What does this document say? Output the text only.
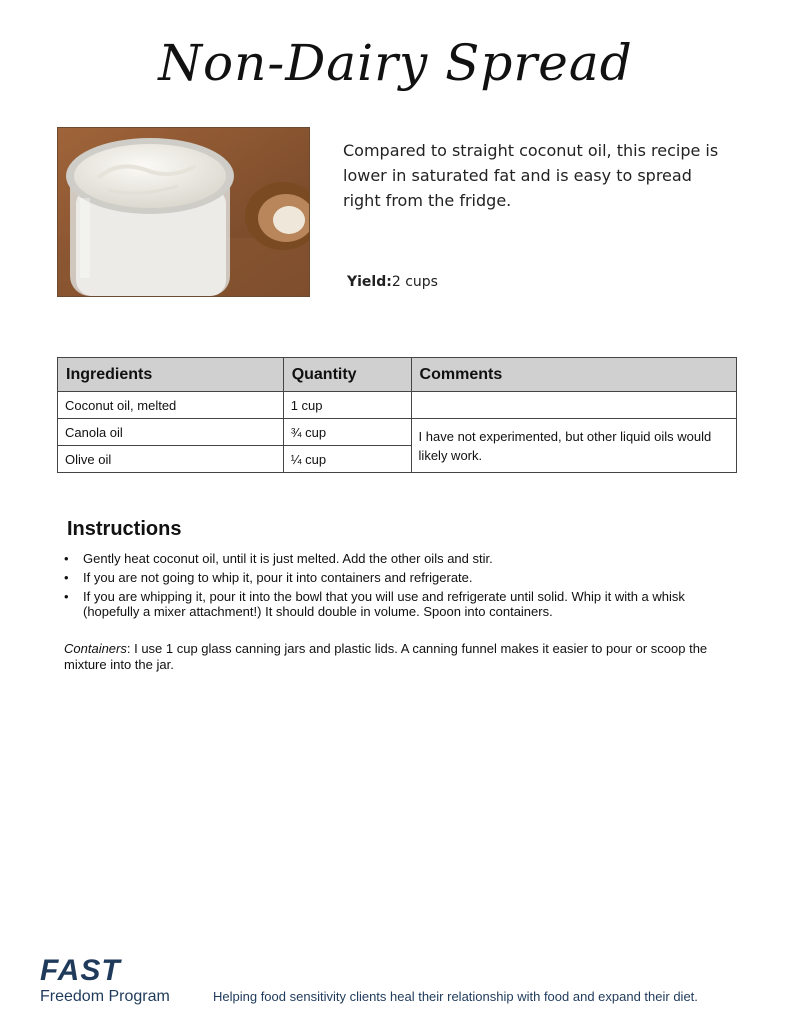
Non-Dairy Spread
Compared to straight coconut oil, this recipe is lower in saturated fat and is easy to spread right from the fridge.
Yield:2 cups
Ingredients	Quantity	Comments
Coconut oil, melted	1 cup	
Canola oil	¾ cup	I have not experimented, but other liquid oils would likely work.
Olive oil	¼ cup	
Instructions
• Gently heat coconut oil, until it is just melted. Add the other oils and stir.
• If you are not going to whip it, pour it into containers and refrigerate.
• If you are whipping it, pour it into the bowl that you will use and refrigerate until solid. Whip it with a whisk (hopefully a mixer attachment!) It should double in volume. Spoon into containers.
Containers: I use 1 cup glass canning jars and plastic lids. A canning funnel makes it easier to pour or scoop the mixture into the jar.
FAST
Freedom Program	Helping food sensitivity clients heal their relationship with food and expand their diet.
